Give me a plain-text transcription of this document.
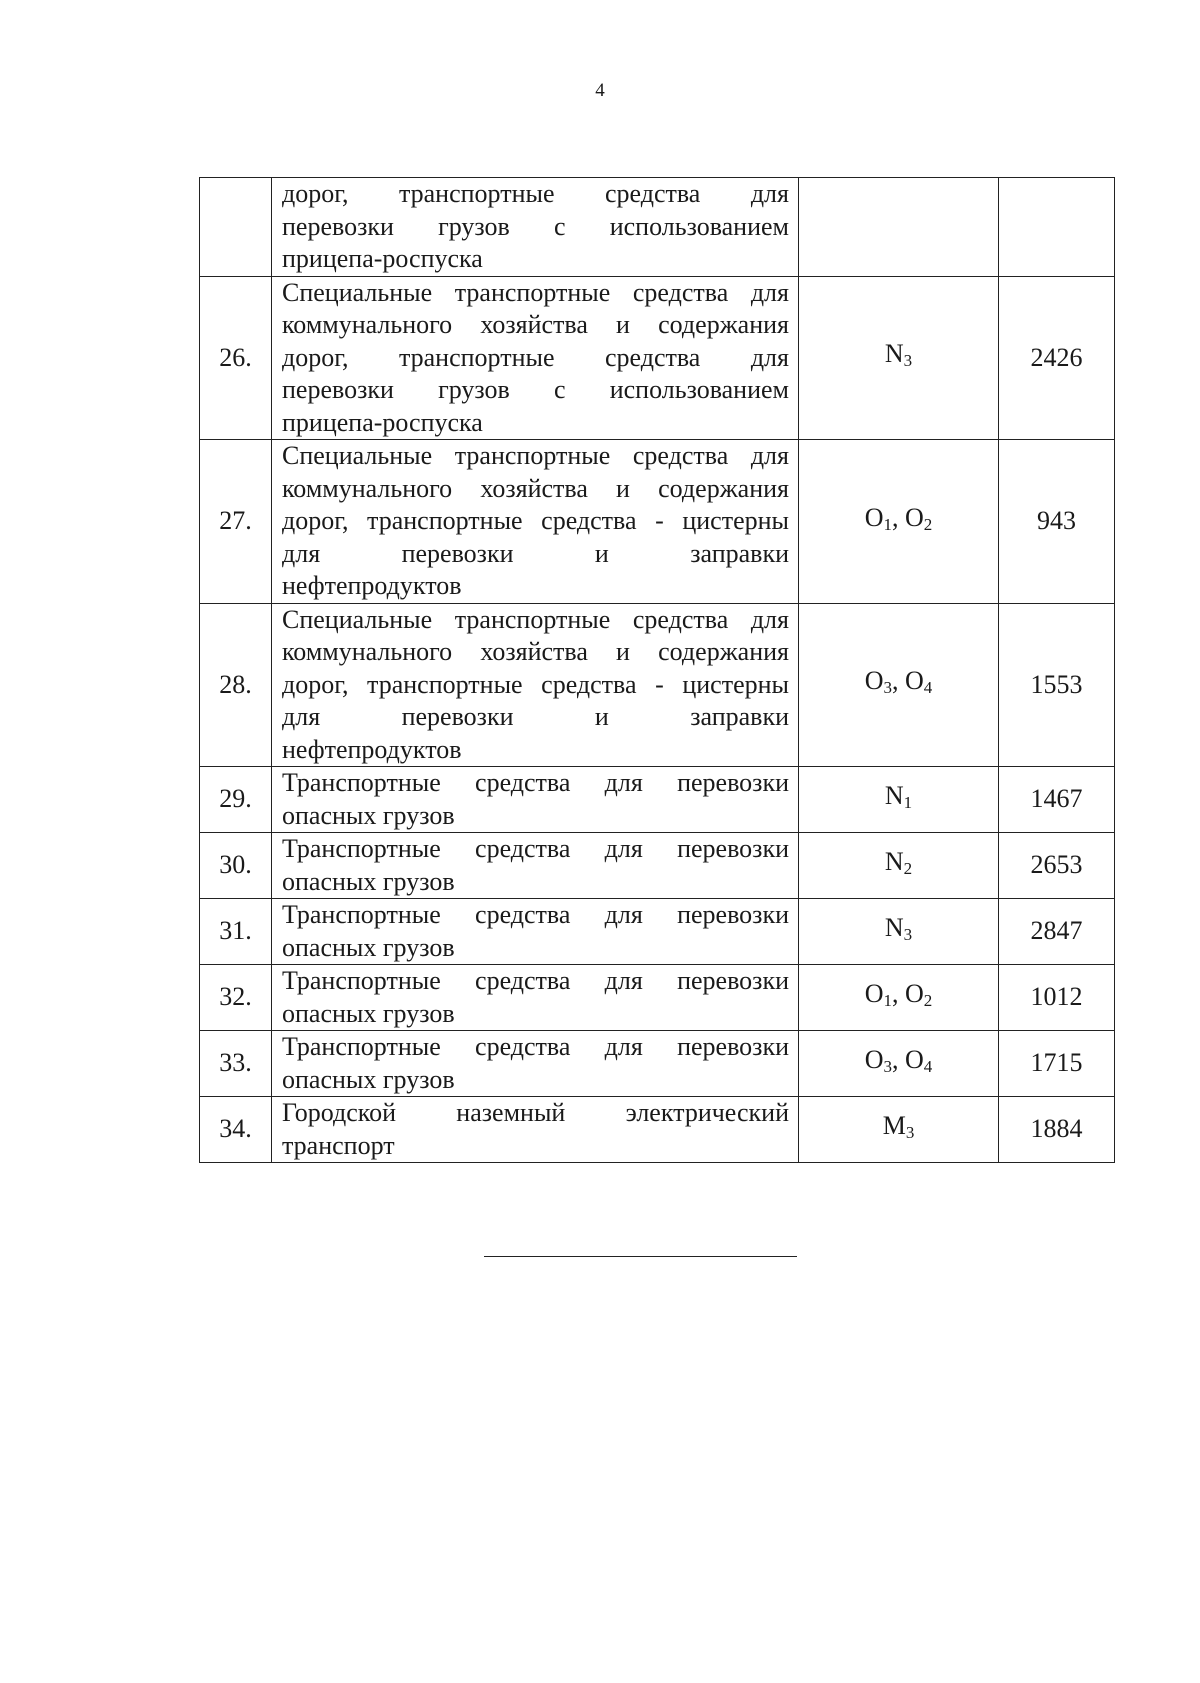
4

	дорог, транспортные средства для
перевозки грузов с использованием
прицепа-роспуска		

26.	Специальные транспортные средства для
коммунального хозяйства и содержания
дорог, транспортные средства для
перевозки грузов с использованием
прицепа-роспуска	$N_3$	2426
27.	Специальные транспортные средства для
коммунального хозяйства и содержания
дорог, транспортные средства - цистерны
для перевозки и заправки
нефтепродуктов	$O_1$, $O_2$	943
28.	Специальные транспортные средства для
коммунального хозяйства и содержания
дорог, транспортные средства - цистерны
для перевозки и заправки
нефтепродуктов	$O_3$, $O_4$	1553
29.	Транспортные средства для перевозки
опасных грузов	$N_1$	1467
30.	Транспортные средства для перевозки
опасных грузов	$N_2$	2653
31.	Транспортные средства для перевозки
опасных грузов	$N_3$	2847
32.	Транспортные средства для перевозки
опасных грузов	$O_1$, $O_2$	1012
33.	Транспортные средства для перевозки
опасных грузов	$O_3$, $O_4$	1715
34.	Городской наземный электрический
транспорт	$M_3$	1884
